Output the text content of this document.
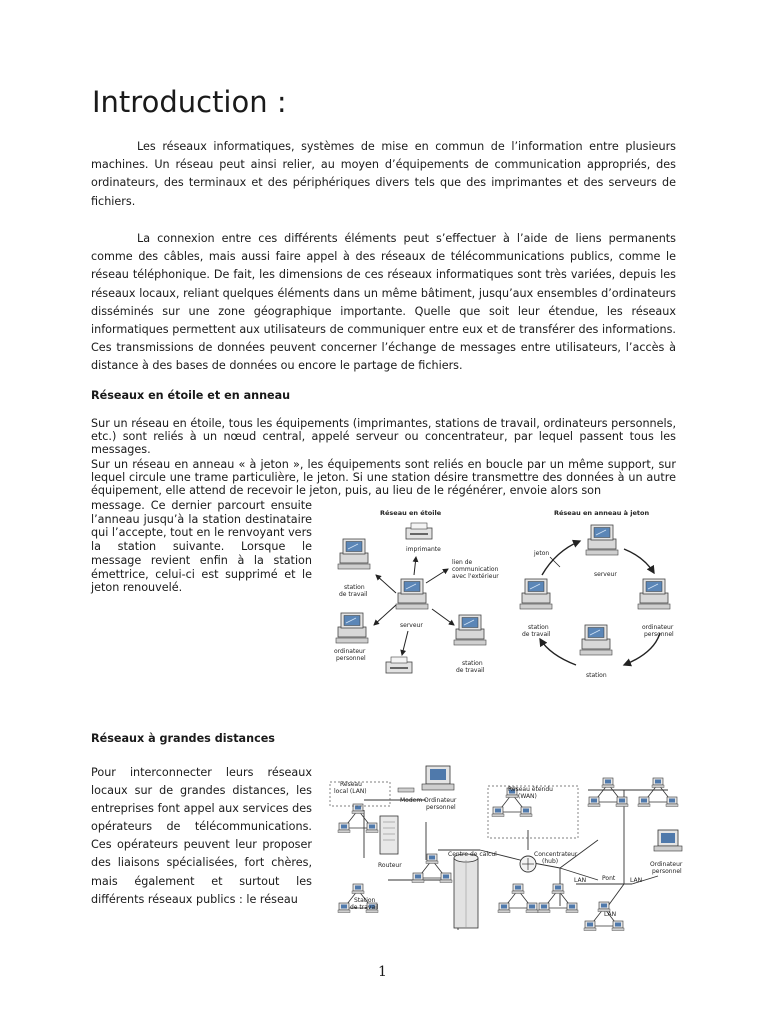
Introduction :

Les réseaux informatiques, systèmes de mise en commun de l’information entre plusieurs machines. Un réseau peut ainsi relier, au moyen d’équipements de communication appropriés, des ordinateurs, des terminaux et des périphériques divers tels que des imprimantes et des serveurs de fichiers.

La connexion entre ces différents éléments peut s’effectuer à l’aide de liens permanents comme des câbles, mais aussi faire appel à des réseaux de télécommunications publics, comme le réseau téléphonique. De fait, les dimensions de ces réseaux informatiques sont très variées, depuis les réseaux locaux, reliant quelques éléments dans un même bâtiment, jusqu’aux ensembles d’ordinateurs disséminés sur une zone géographique importante. Quelle que soit leur étendue, les réseaux informatiques permettent aux utilisateurs de communiquer entre eux et de transférer des informations. Ces transmissions de données peuvent concerner l’échange de messages entre utilisateurs, l’accès à distance à des bases de données ou encore le partage de fichiers.

Réseaux en étoile et en anneau

Sur un réseau en étoile, tous les équipements (imprimantes, stations de travail, ordinateurs personnels, etc.) sont reliés à un nœud central, appelé serveur ou concentrateur, par lequel passent tous les messages.

Sur un réseau en anneau « à jeton », les équipements sont reliés en boucle par un même support, sur lequel circule une trame particulière, le jeton. Si une station désire transmettre des données à un autre équipement, elle attend de recevoir le jeton, puis, au lieu de le régénérer, envoie alors son

message. Ce dernier parcourt ensuite l’anneau jusqu’à la station destinataire qui l’accepte, tout en le renvoyant vers la station suivante. Lorsque le message revient enfin à la station émettrice, celui-ci est supprimé et le jeton renouvelé.

Réseau en étoile	Réseau en anneau à jeton
imprimante
lien de
communication
avec l'extérieur
station
de travail
serveur
ordinateur
personnel
station
de travail
serveur
ordinateur
personnel
station
de travail
station
jeton
Réseaux à grandes distances

Pour interconnecter leurs réseaux locaux sur de grandes distances, les entreprises font appel aux services des opérateurs de télécommunications. Ces opérateurs peuvent leur proposer des liaisons spécialisées, fort chères, mais également et surtout les différents réseaux publics : le réseau

Réseau
local (LAN)
Modem Ordinateur
personnel
Réseau étendu
(WAN)
Routeur
Centre de calcul	Concentrateur
(hub)
LAN	Pont LAN
LAN
Station
de travail
Ordinateur
personnel
1
